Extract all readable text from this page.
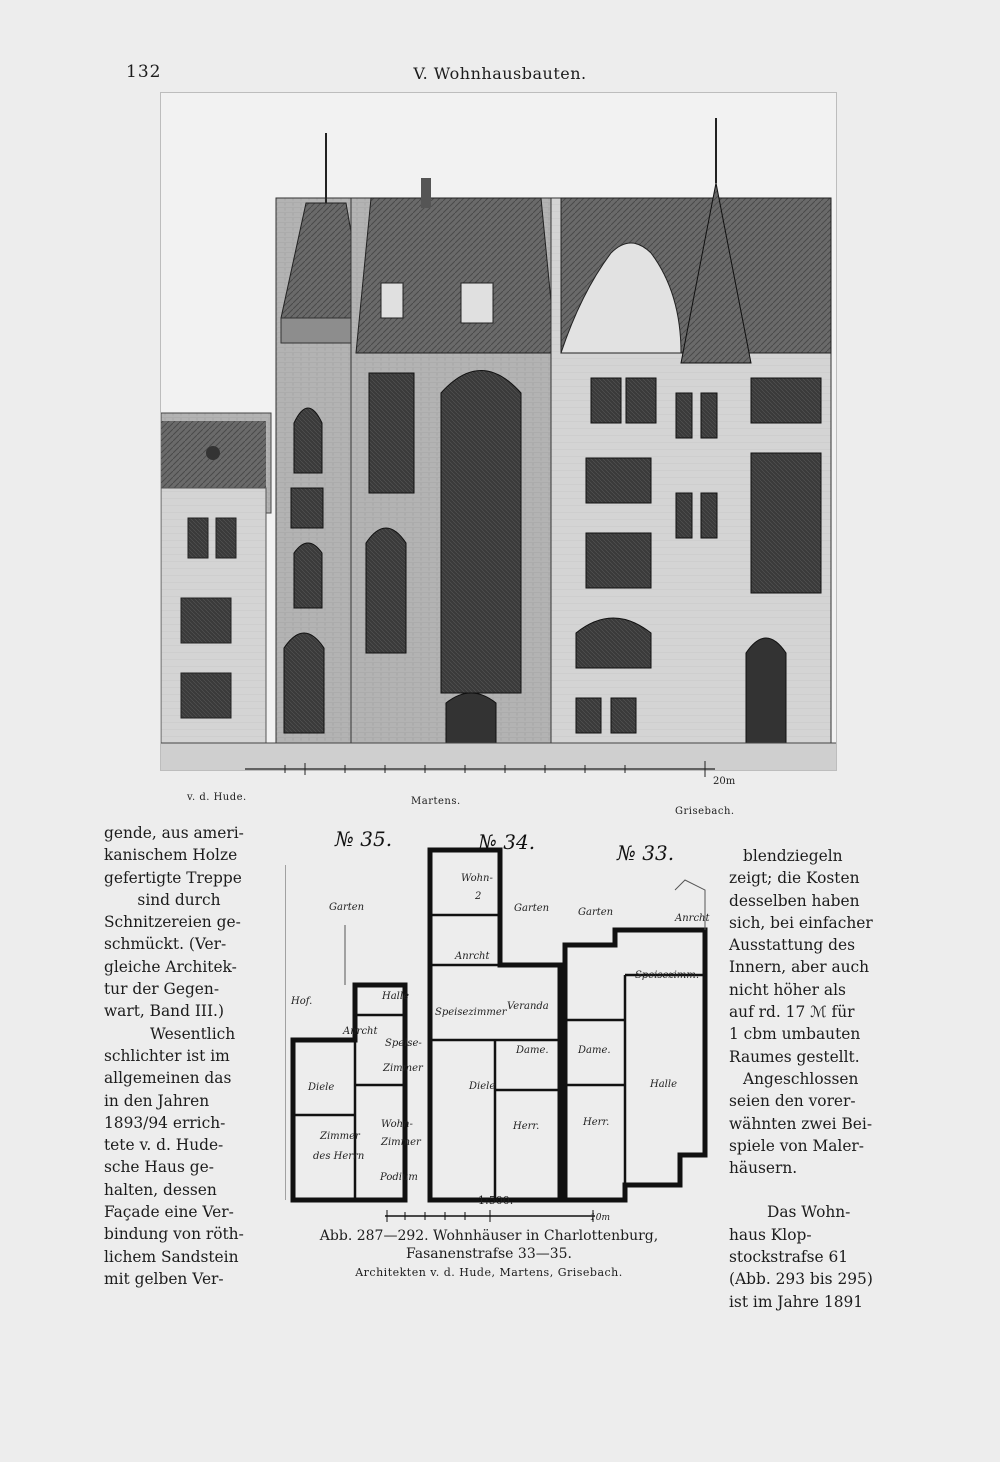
132	V. Wohnhausbauten.
20m
v. d. Hude.	Martens.
Grisebach.

gende, aus ameri-

kanischem Holze

gefertigte Treppe

sind durch

Schnitzereien ge-

schmückt. (Ver-

gleiche Architek-

tur der Gegen-

wart, Band III.)

Wesentlich

schlichter ist im

allgemeinen das

in den Jahren

1893/94 errich-

tete v. d. Hude-

sche Haus ge-

halten, dessen

Façade eine Ver-

bindung von röth-

lichem Sandstein

mit gelben Ver-

№ 35.	№ 34.	№ 33.
Garten
Hof.	Halle
Anrcht
Speise-
Zimmer
Diele
Wohn-
Zimmer
Zimmer
des Herrn
Podium
Wohn-
2
Garten
Anrcht
Speisezimmer
Veranda
Dame.
Diele
Herr.
Garten
Anrcht
Speisezimm.
Dame.
Halle
Herr.
1:500.
10m
Abb. 287—292. Wohnhäuser in Charlottenburg,
Fasanenstrafse 33—35.
Architekten v. d. Hude, Martens, Grisebach.

blendziegeln

zeigt; die Kosten

desselben haben

sich, bei einfacher

Ausstattung des

Innern, aber auch

nicht höher als

auf rd. 17 ℳ für

1 cbm umbauten

Raumes gestellt.

Angeschlossen

seien den vorer-

wähnten zwei Bei-

spiele von Maler-

häusern.

Das Wohn-

haus Klop-

stockstrafse 61

(Abb. 293 bis 295)

ist im Jahre 1891
